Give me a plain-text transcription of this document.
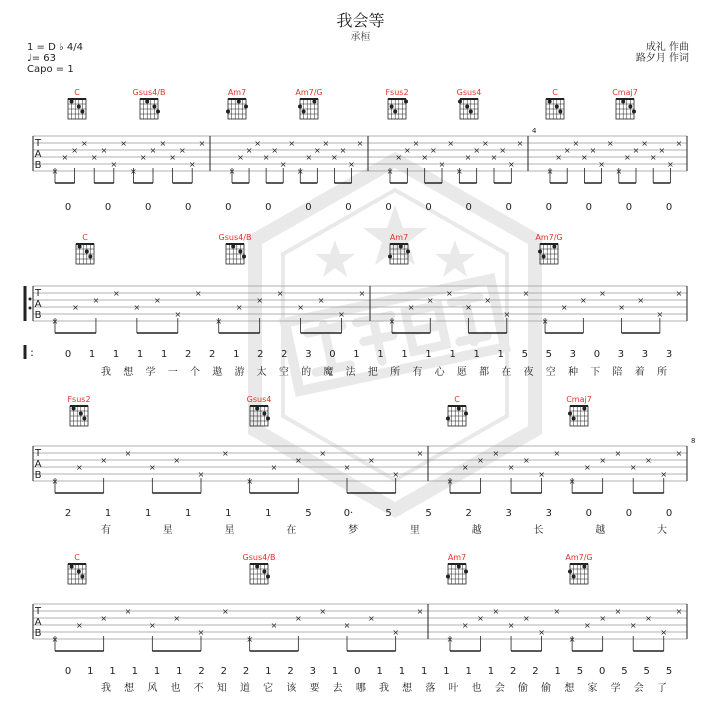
我会等
承桓
1 = D ♭ 4/4
♩= 63
Capo = 1
成礼 作曲
路夕月 作词
T
A
B
4
×
×
×
×
×
×
×
×
×
×
×
×
×
×
×
×
×
×
×
×
×
×
×
×
×
×
×
×
×
×
×
×
×
×
×
×
×
×
×
×
×
×
×
×
×
×
×
×
×
×
×
×
×
×
×
×
×
×
×
×
×
×
×
×
C	Gsus4/B	Am7	Am7/G	Fsus2	Gsus4	C	Cmaj7
0	0	0	0	0	0	0	0	0	0	0	0	0	0	0	0
T
A
B
:
×
×
×
×
×
×
×
×
×
×
×
×
×
×
×
×
×
×
×
×
×
×
×
×
×
×
×
×
×
×
×
×
C	Gsus4/B	Am7	Am7/G
0 1 1 1 1 2 2 1 2 2 3 0 1 1 1 1 1 1 1 5 5 3 0 3 3 3
我 想 学 一 个 遨 游 太 空 的 魔 法 把 所 有 心 愿 都 在 夜 空 种 下 陪 着 所
T
A
B
8
×
×
×
×
×
×
×
×
×
×
×
×
×
×
×
×
×
×
×
×
×
×
×
×
×
×
×
×
×
×
×
×
Fsus2	Gsus4	C	Cmaj7
2	1	1	1	1	1	5	0·	5	5	2	3	3	0	0	0
有	星	星	在	梦	里	越	长	越	大
T
A
B
×
×
×
×
×
×
×
×
×
×
×
×
×
×
×
×
×
×
×
×
×
×
×
×
×
×
×
×
×
×
×
×
C	Gsus4/B	Am7	Am7/G
0 1 1 1 1 1 2 2 2 1 2 3 1 0 1 1 1 1 1 1 2 2 1 5 0 5 5 5
我 想 风 也 不 知 道 它 该 要 去 哪 我 想 落 叶 也 会 偷 偷 想 家 学 会 了
